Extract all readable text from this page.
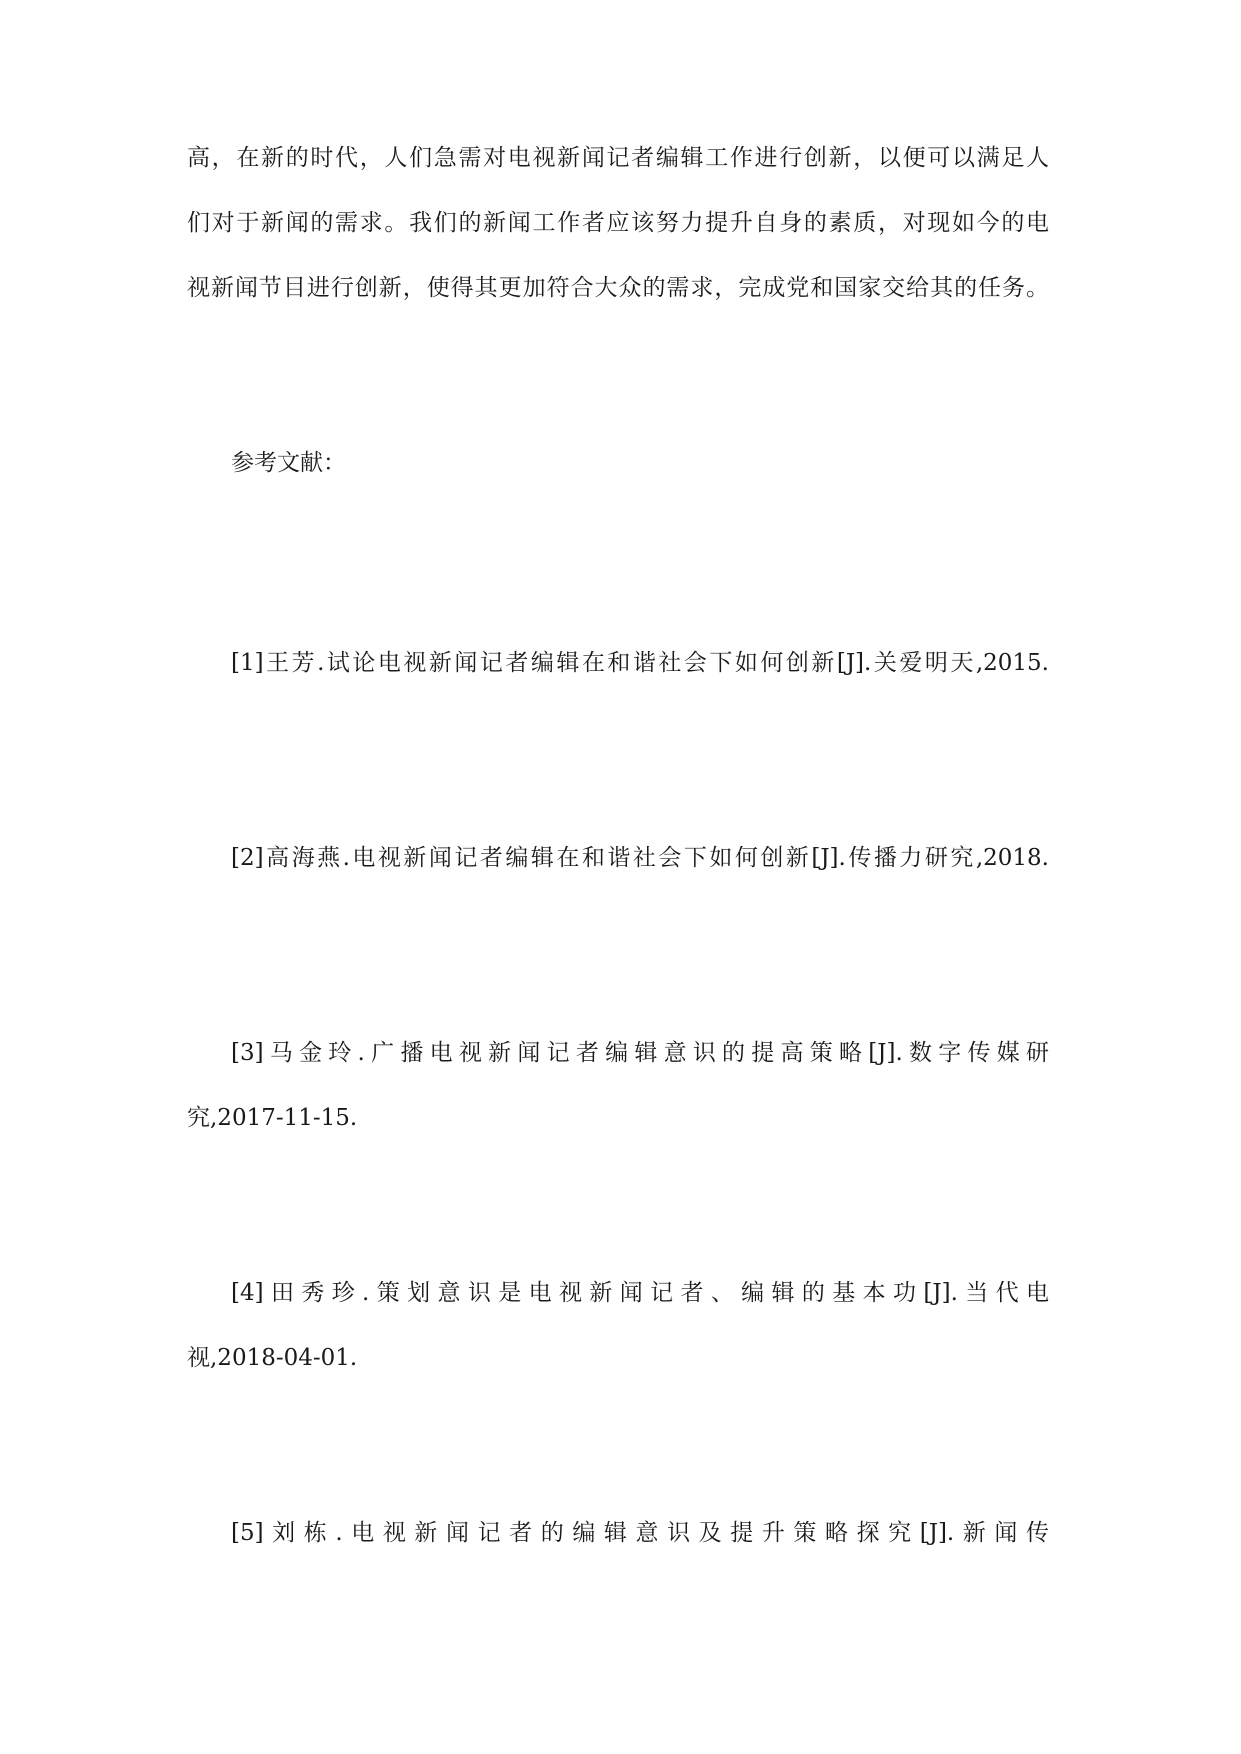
高，在新的时代，人们急需对电视新闻记者编辑工作进行创新，以便可以满足人
们对于新闻的需求。我们的新闻工作者应该努力提升自身的素质，对现如今的电
视新闻节目进行创新，使得其更加符合大众的需求，完成党和国家交给其的任务。
参考文献：
[1]王芳.试论电视新闻记者编辑在和谐社会下如何创新[J].关爱明天,2015.
[2]高海燕.电视新闻记者编辑在和谐社会下如何创新[J].传播力研究,2018.
[3]马金玲.广播电视新闻记者编辑意识的提高策略[J].数字传媒研
究,2017-11-15.
[4]田秀珍.策划意识是电视新闻记者、编辑的基本功[J].当代电
视,2018-04-01.
[5]刘栋.电视新闻记者的编辑意识及提升策略探究[J].新闻传
